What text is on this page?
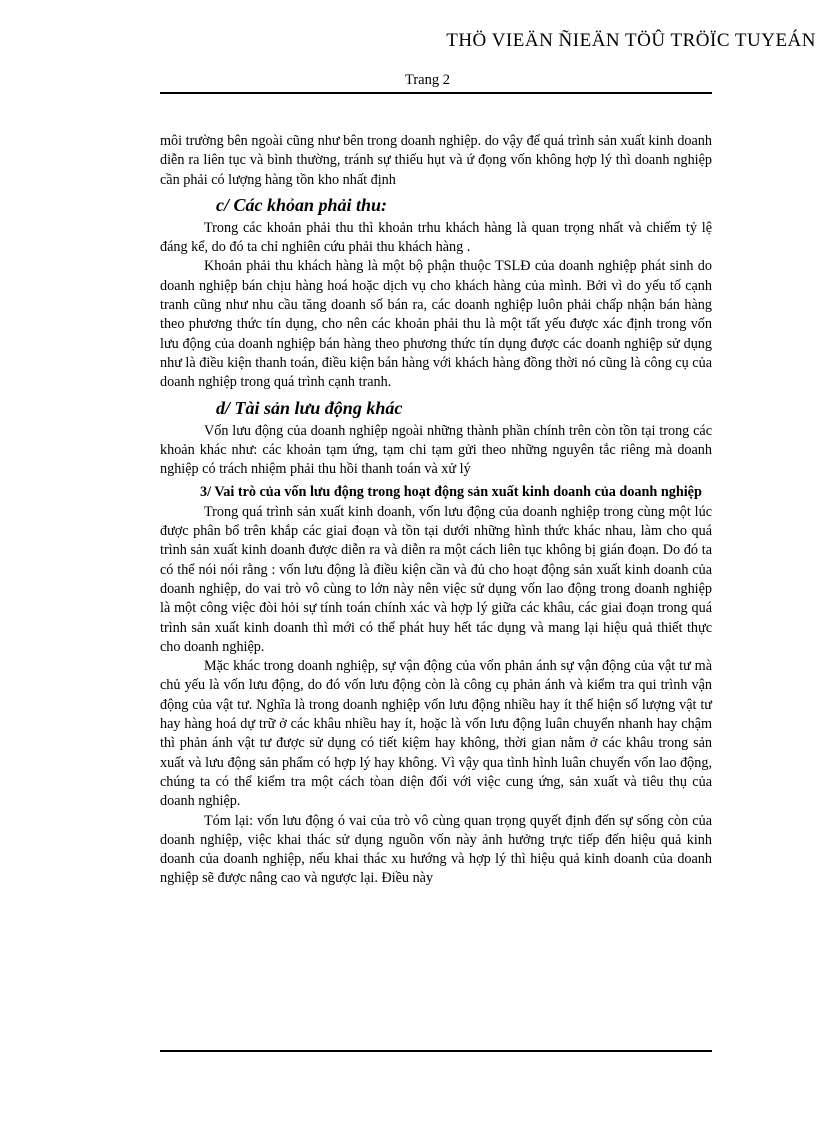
THÖ VIEÄN ÑIEÄN TÖÛ TRÖÏC TUYEÁN
Trang 2

môi trường bên ngoài cũng như bên trong doanh nghiệp. do vậy để quá trình sản xuất kinh doanh diễn ra liên tục và bình thường, tránh sự thiếu hụt và ứ đọng vốn không hợp lý thì doanh nghiệp cần phải có lượng hàng tồn kho nhất định

c/ Các khỏan phải thu:

Trong các khoản phải thu thì khoản trhu khách hàng là quan trọng nhất và chiếm tỷ lệ đáng kể, do đó ta chỉ nghiên cứu phải thu khách hàng .

Khoản phải thu khách hàng là một bộ phận thuộc TSLĐ của doanh nghiệp phát sinh do doanh nghiệp bán chịu hàng hoá hoặc dịch vụ cho khách hàng của mình. Bởi vì do yếu tố cạnh tranh cũng như nhu cầu tăng doanh số bán ra, các doanh nghiệp luôn phải chấp nhận bán hàng theo phương thức tín dụng, cho nên các khoản phải thu là một tất yếu được xác định trong vốn lưu động của doanh nghiệp bán hàng theo phương thức tín dụng được các doanh nghiệp sử dụng như là điều kiện thanh toán, điều kiện bán hàng với khách hàng đồng thời nó cũng là công cụ của doanh nghiệp trong quá trình cạnh tranh.

d/ Tài sản lưu động khác

Vốn lưu động của doanh nghiệp ngoài những thành phần chính trên còn tồn tại trong các khoản khác như: các khoản tạm ứng, tạm chi tạm gửi theo những nguyên tắc riêng mà doanh nghiệp có trách nhiệm phải thu hồi thanh toán và xử lý

3/ Vai trò của vốn lưu động trong hoạt động sản xuất kinh doanh của doanh nghiệp

Trong quá trình sản xuất kinh doanh, vốn lưu động của doanh nghiệp trong cùng một lúc được phân bổ trên khắp các giai đoạn và tồn tại dưới những hình thức khác nhau, làm cho quá trình sản xuất kinh doanh được diễn ra và diễn ra một cách liên tục không bị gián đoạn. Do đó ta có thể nói nói rằng : vốn lưu động là điều kiện cần và đủ cho hoạt động sản xuất kinh doanh của doanh nghiệp, do vai trò vô cùng to lớn này nên việc sử dụng vốn lao động trong doanh nghiệp là một công việc đòi hỏi sự tính toán chính xác và hợp lý giữa các khâu, các giai đoạn trong quá trình sản xuất kinh doanh thì mới có thể phát huy hết tác dụng và mang lại hiệu quả thiết thực cho doanh nghiệp.

Mặc khác trong doanh nghiệp, sự vận động của vốn phản ánh sự vận động của vật tư mà chủ yếu là vốn lưu động, do đó vốn lưu động còn là công cụ phản ánh và kiểm tra qui trình vận động của vật tư. Nghĩa là trong doanh nghiệp vốn lưu động nhiều hay ít thể hiện số lượng vật tư hay hàng hoá dự trữ ở các khâu nhiều hay ít, hoặc là vốn lưu động luân chuyển nhanh hay chậm thì phản ánh vật tư được sử dụng có tiết kiệm hay không, thời gian nằm ở các khâu trong sản xuất và lưu động sản phẩm có hợp lý hay không. Vì vậy qua tình hình luân chuyển vốn lao động, chúng ta có thể kiểm tra một cách tòan diện đối với việc cung ứng, sản xuất và tiêu thụ của doanh nghiệp.

Tóm lại: vốn lưu động ó vai của trò vô cùng quan trọng quyết định đến sự sống còn của doanh nghiệp, việc khai thác sử dụng nguồn vốn này ảnh hưởng trực tiếp đến hiệu quả kinh doanh của doanh nghiệp, nếu khai thác xu hướng và hợp lý thì hiệu quả kinh doanh của doanh nghiệp sẽ được nâng cao và ngược lại. Điều này
